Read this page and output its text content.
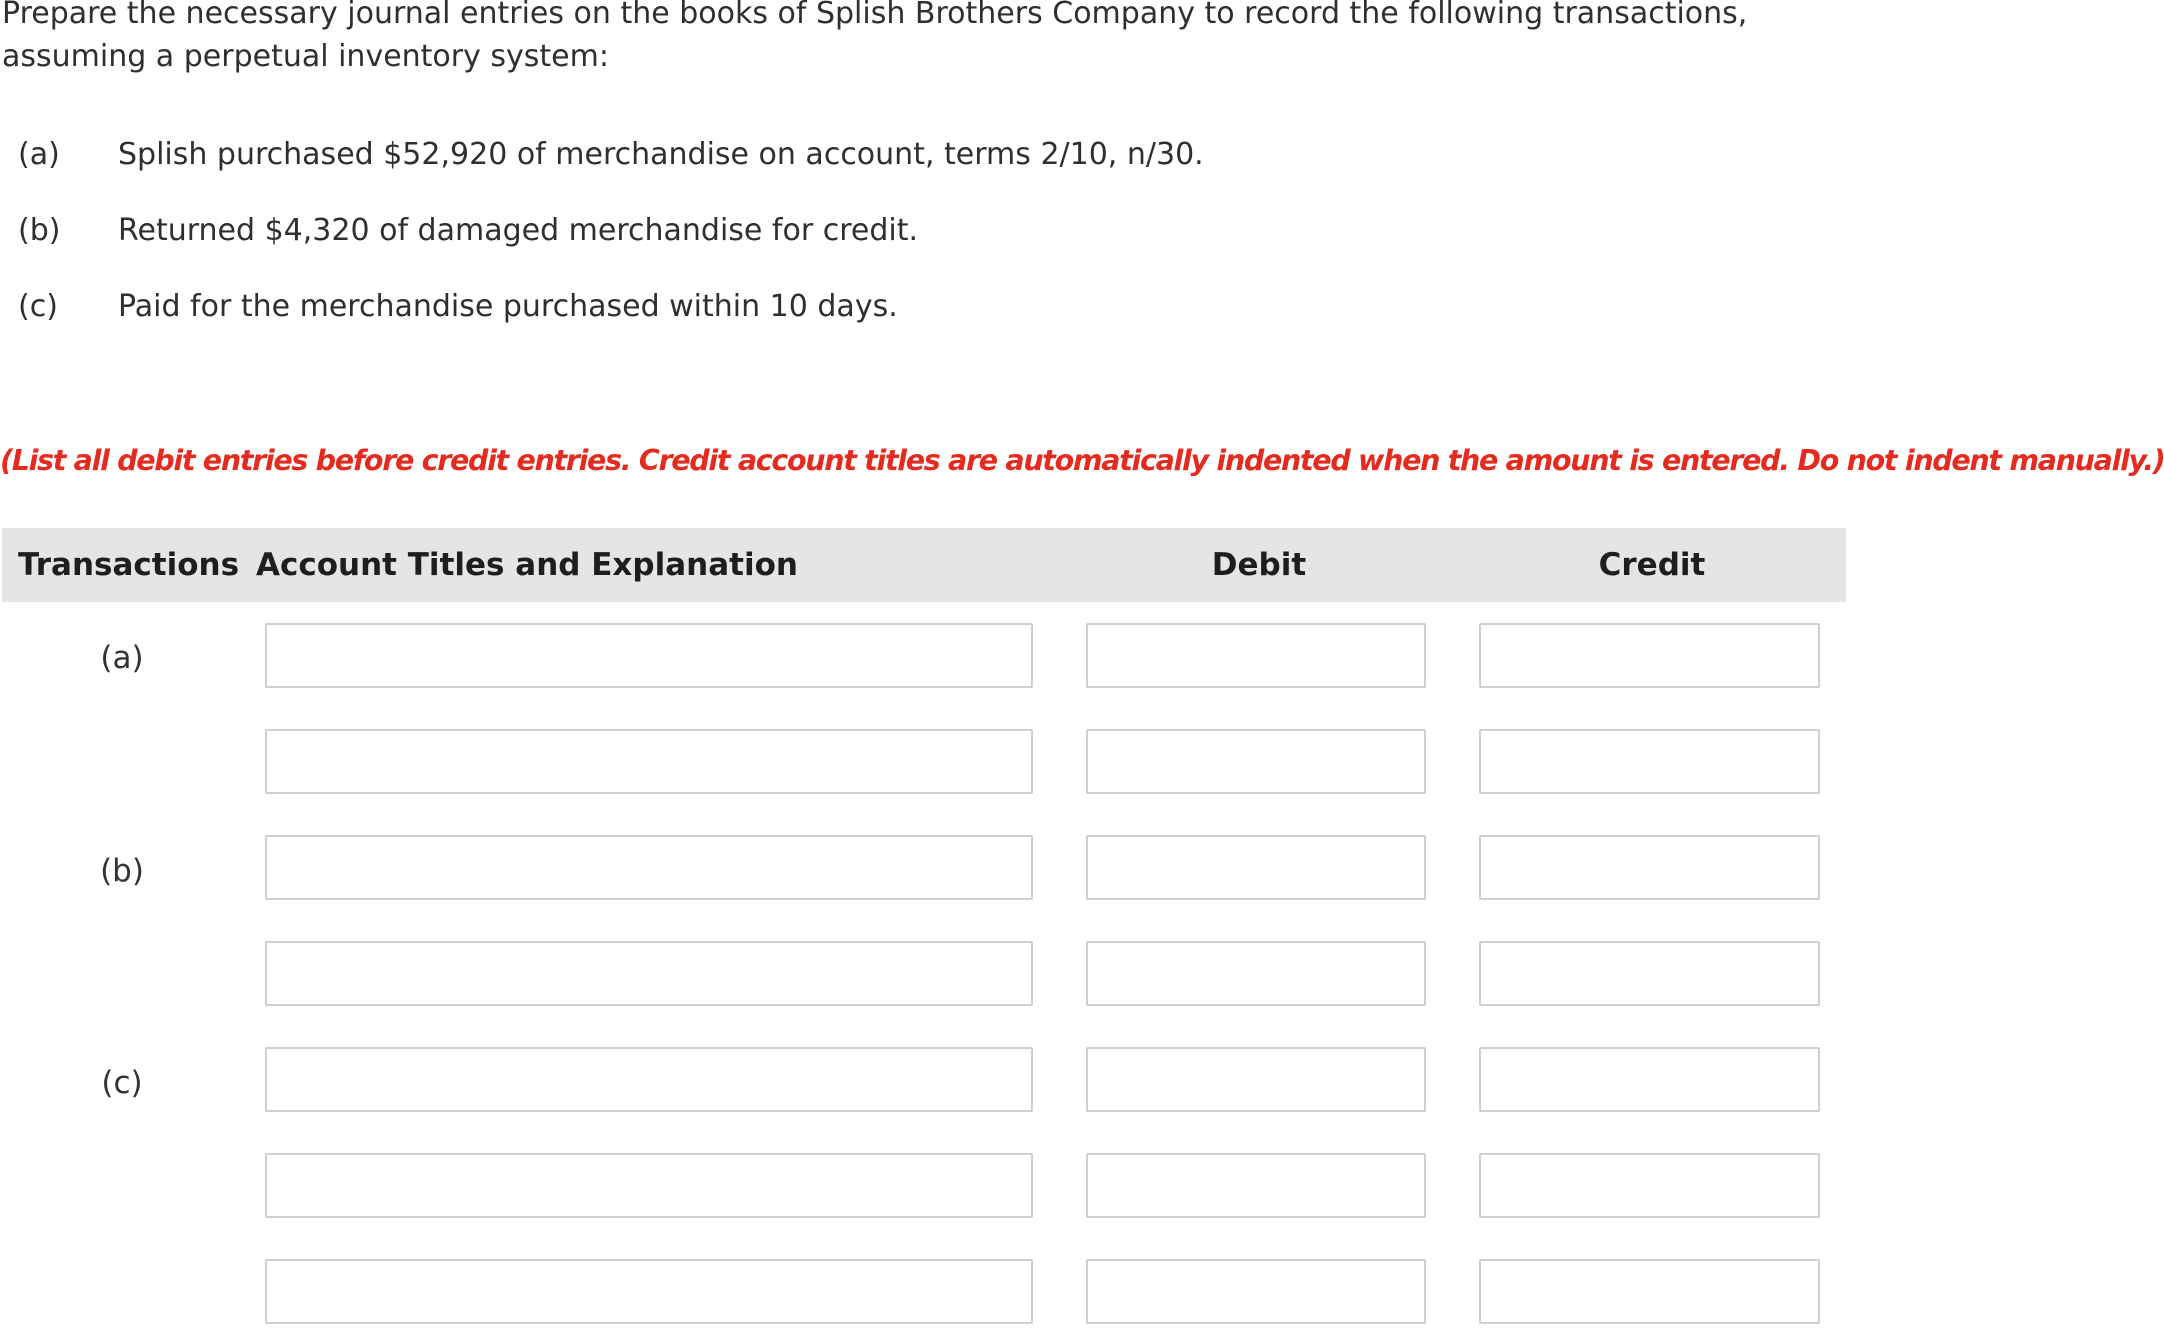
Prepare the necessary journal entries on the books of Splish Brothers Company to record the following transactions, assuming a perpetual inventory system:
(a) Splish purchased $52,920 of merchandise on account, terms 2/10, n/30.
(b) Returned $4,320 of damaged merchandise for credit.
(c) Paid for the merchandise purchased within 10 days.
(List all debit entries before credit entries. Credit account titles are automatically indented when the amount is entered. Do not indent manually.)
Transactions Account Titles and Explanation	Debit	Credit
(a)
(b)
(c)
